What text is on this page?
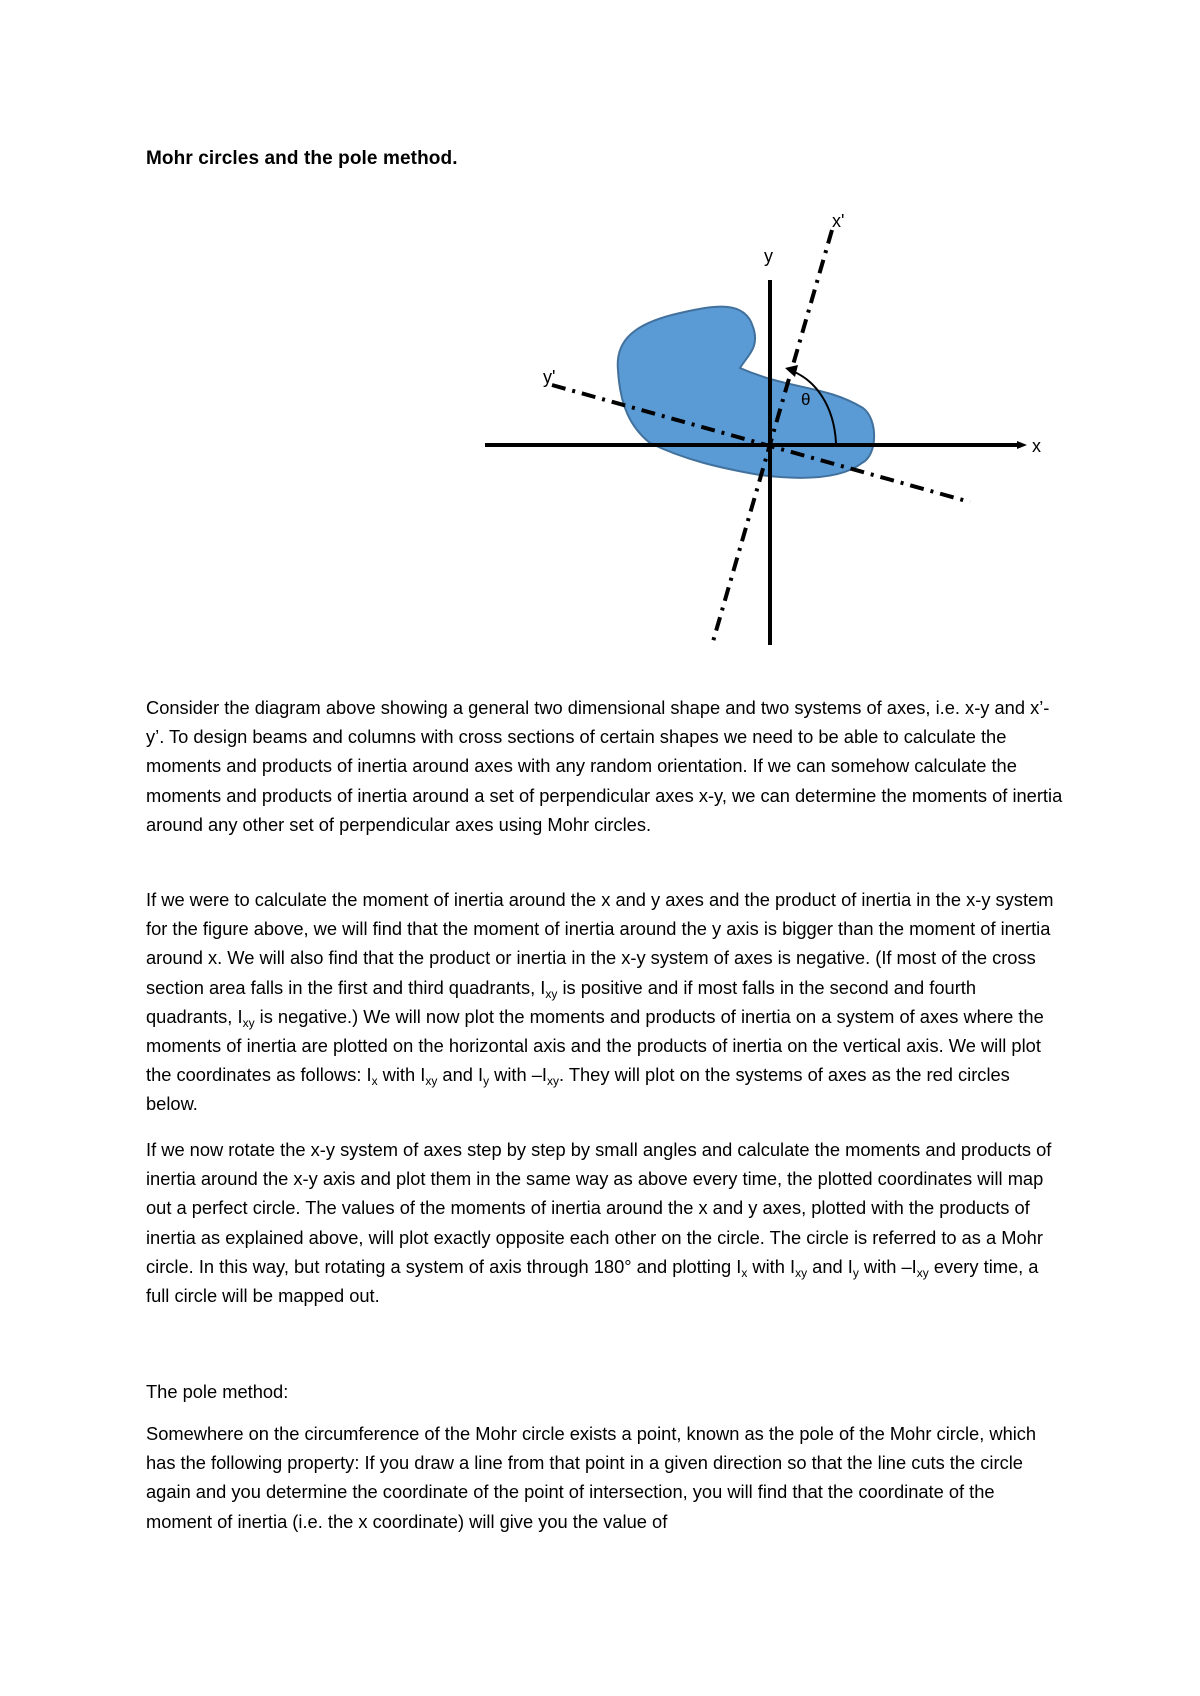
Mohr circles and the pole method.
x'
y
y'
θ
x

Consider the diagram above showing a general two dimensional shape and two systems of axes, i.e. x-y and x’-y’. To design beams and columns with cross sections of certain shapes we need to be able to calculate the moments and products of inertia around axes with any random orientation. If we can somehow calculate the moments and products of inertia around a set of perpendicular axes x-y, we can determine the moments of inertia around any other set of perpendicular axes using Mohr circles.

If we were to calculate the moment of inertia around the x and y axes and the product of inertia in the x-y system for the figure above, we will find that the moment of inertia around the y axis is bigger than the moment of inertia around x. We will also find that the product or inertia in the x-y system of axes is negative. (If most of the cross section area falls in the first and third quadrants, $I_{xy}$ is positive and if most falls in the second and fourth quadrants, $I_{xy}$ is negative.) We will now plot the moments and products of inertia on a system of axes where the moments of inertia are plotted on the horizontal axis and the products of inertia on the vertical axis. We will plot the coordinates as follows: $I_x$ with $I_{xy}$ and $I_y$ with $-I_{xy}$. They will plot on the systems of axes as the red circles below.

If we now rotate the x-y system of axes step by step by small angles and calculate the moments and products of inertia around the x-y axis and plot them in the same way as above every time, the plotted coordinates will map out a perfect circle. The values of the moments of inertia around the x and y axes, plotted with the products of inertia as explained above, will plot exactly opposite each other on the circle. The circle is referred to as a Mohr circle. In this way, but rotating a system of axis through 180° and plotting $I_x$ with $I_{xy}$ and $I_y$ with $-I_{xy}$ every time, a full circle will be mapped out.

The pole method:

Somewhere on the circumference of the Mohr circle exists a point, known as the pole of the Mohr circle, which has the following property: If you draw a line from that point in a given direction so that the line cuts the circle again and you determine the coordinate of the point of intersection, you will find that the coordinate of the moment of inertia (i.e. the x coordinate) will give you the value of
